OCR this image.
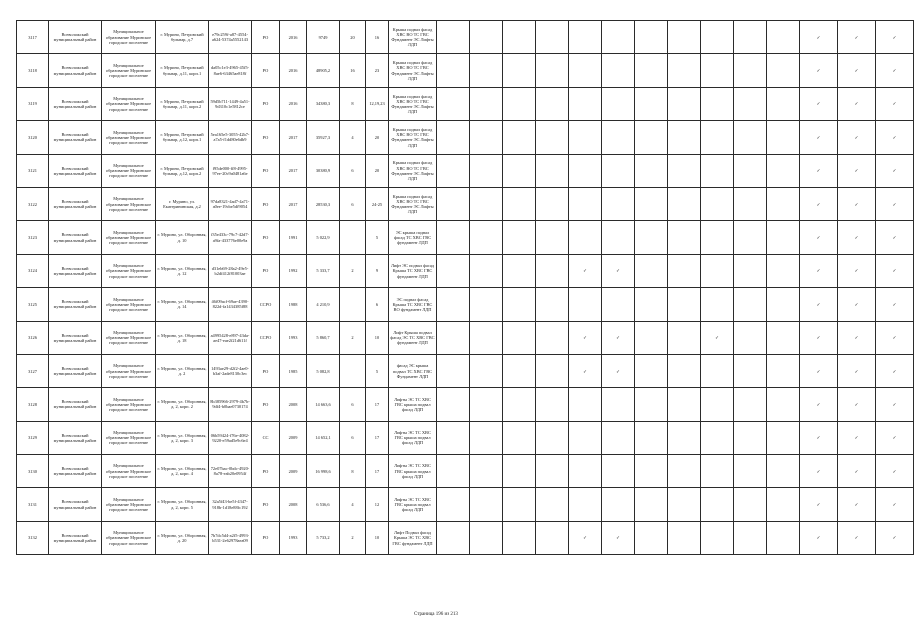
3117	Всеволожский муниципальный район	Муниципальное образование Муринское городское поселение	г. Мурино, Петровский бульвар, д.7	e79c259f-a87-4554-a624-5374a5552143	РО	2016	9749	20	16	Крыша подвал фасад ХВС ВО ТС ГВС Фундамент ЭС Лифты ЛДП												✓	✓	✓
3118	Всеволожский муниципальный район	Муниципальное образование Муринское городское поселение	г. Мурино, Петровский бульвар, д.11, корп.1	da05c1e3-4965-45f5-8ae6-63465ae818f	РО	2016	48905,2	16	23	Крыша подвал фасад ХВС ВО ТС ГВС Фундамент ЭС Лифты ЛДП												✓	✓	✓
3119	Всеволожский муниципальный район	Муниципальное образование Муринское городское поселение	г. Мурино, Петровский бульвар, д.11, корп.2	59d5b711-1449-4a51-9d310c1e5812ce	РО	2016	34380,3	8	12,19,23	Крыша подвал фасад ХВС ВО ТС ГВС Фундамент ЭС Лифты ЛДП												✓	✓	✓
3120	Всеволожский муниципальный район	Муниципальное образование Муринское городское поселение	г. Мурино, Петровский бульвар, д.12, корп.1	5ea165e5-3055-42b7-a7a5-f1dd80e6db9	РО	2017	35927,3	4	20	Крыша подвал фасад ХВС ВО ТС ГВС Фундамент ЭС Лифты ЛДП												✓	✓	✓
3121	Всеволожский муниципальный район	Муниципальное образование Муринское городское поселение	г. Мурино, Петровский бульвар, д.12, корп.2	f95de000-ff8-4995-97ee-20c9a0481a6e	РО	2017	30380,9	6	20	Крыша подвал фасад ХВС ВО ТС ГВС Фундамент ЭС Лифты ЛДП												✓	✓	✓
3122	Всеволожский муниципальный район	Муниципальное образование Муринское городское поселение	г. Мурино, ул. Екатерининская, д.2	97da8321-4ad7-4a71-a0ee-19cbe5df9054	РО	2017	28530,3	6	24-25	Крыша подвал фасад ХВС ВО ТС ГВС Фундамент ЭС Лифты ЛДП												✓	✓	✓
3123	Всеволожский муниципальный район	Муниципальное образование Муринское городское поселение	г. Мурино, ул. Оборонная, д. 10	f35e433c-79c7-42d7-a9fa-433776e00e9a	РО	1991	5 022,9		5	ЭС крыша подвал фасад ТС ХВС ГВС фундамент ЛДП												✓	✓	✓
3124	Всеволожский муниципальный район	Муниципальное образование Муринское городское поселение	г. Мурино, ул. Оборонная, д. 12	d31eb69-28a2-49e5-b2df412f81003ae	РО	1992	5 333,7	2	9	Лифт ЭС подвал фасад Крыша ТС ХВС ГВС фундамент ЛДП					✓	✓						✓	✓	✓
3125	Всеволожский муниципальный район	Муниципальное образование Муринское городское поселение	г. Мурино, ул. Оборонная, д. 14	46f09acf-69ae-4390-822d-fa1434385f88	ССРО	1988	4 210,9		6	ЭС подвал фасад Крыша ТС ХВС ГВС ВО фундамент ЛДП												✓	✓	✓
3126	Всеволожский муниципальный район	Муниципальное образование Муринское городское поселение	г. Мурино, ул. Оборонная, д. 18	a4995428-e897-43da-ae47-eae2f21d611f	ССРО	1993	5 860,7	2	10	Лифт Крыша подвал фасад ЭС ТС ХВС ГВС фундамент ЛДП					✓	✓			✓			✓	✓	✓
3127	Всеволожский муниципальный район	Муниципальное образование Муринское городское поселение	г. Мурино, ул. Оборонная, д. 2	1493ae29-d2f2-4ae0-b3af-2ade8130c3ec	РО	1985	5 082,8		5	фасад ЭС крыша подвал ТС ХВС ГВС Фундамент ЛДП					✓	✓						✓	✓	✓
3128	Всеволожский муниципальный район	Муниципальное образование Муринское городское поселение	г. Мурино, ул. Оборонная, д. 2, корп. 2	8b385966-2979-4b7b-9df4-b0bae0730174	РО	2008	14 663,6	6	17	Лифты ЭС ТС ХВС ГВС крыша подвал фасад ЛДП												✓	✓	✓
3129	Всеволожский муниципальный район	Муниципальное образование Муринское городское поселение	г. Мурино, ул. Оборонная, д. 2, корп. 3	06b59424-f76e-4082-9220-e59ad5e9c6e4	СС	2009	14 652,1	6	17	Лифты ЭС ТС ХВС ГВС крыша подвал фасад ЛДП												✓	✓	✓
3130	Всеволожский муниципальный район	Муниципальное образование Муринское городское поселение	г. Мурино, ул. Оборонная, д. 2, корп. 4	72e07bac-0bdc-4920-8a78-eab20e0954f	РО	2009	16 998,6	8	17	Лифты ЭС ТС ХВС ГВС крыша подвал фасад ЛДП												✓	✓	✓
3131	Всеволожский муниципальный район	Муниципальное образование Муринское городское поселение	г. Мурино, ул. Оборонная, д. 2, корп. 5	32a5f43-be5f-4347-918b-1d18e88fc192	РО	2008	6 536,6	4	12	Лифты ЭС ТС ХВС ГВС крыша подвал фасад ЛДП												✓	✓	✓
3132	Всеволожский муниципальный район	Муниципальное образование Муринское городское поселение	г. Мурино, ул. Оборонная, д. 20	7b7dc5d4-a2f5-4993-b531-2e62978aea09	РО	1993	5 733,2	2	10	Лифт Подвал фасад Крыша ЭС ТС ХВС ГВС фундамент ЛДП					✓	✓						✓	✓	✓
Страница 196 из 213
